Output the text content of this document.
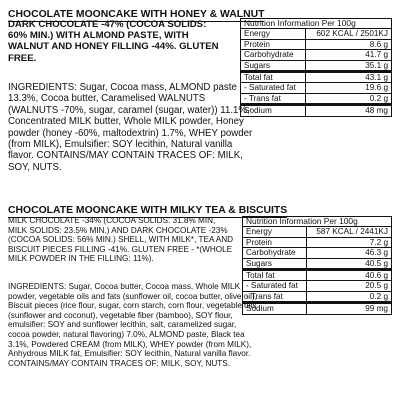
CHOCOLATE MOONCAKE WITH HONEY & WALNUT
DARK CHOCOLATE -47% (COCOA SOLIDS: 60% MIN.) WITH ALMOND PASTE, WITH WALNUT AND HONEY FILLING -44%. GLUTEN FREE.
Nutrition Information Per 100g	
Energy	602 KCAL / 2501KJ
Protein	8.6 g
Carbohydrate	41.7 g
Sugars	35.1 g
Total fat	43.1 g
- Saturated fat	19.6 g
- Trans fat	0.2 g
Sodium	48 mg
INGREDIENTS: Sugar, Cocoa mass, ALMOND paste 13.3%, Cocoa butter, Caramelised WALNUTS (WALNUTS -70%, sugar, caramel (sugar, water)) 11.1%, Concentrated MILK butter, Whole MILK powder, Honey powder (honey -60%, maltodextrin) 1.7%, WHEY powder (from MILK), Emulsifier: SOY lecithin, Natural vanilla flavor. CONTAINS/MAY CONTAIN TRACES OF: MILK, SOY, NUTS.
CHOCOLATE MOONCAKE WITH MILKY TEA & BISCUITS
MILK CHOCOLATE -34% (COCOA SOLIDS: 31.8% MIN, MILK SOLIDS: 23.5% MIN.) AND DARK CHOCOLATE -23% (COCOA SOLIDS: 56% MIN.) SHELL, WITH MILK*, TEA AND BISCUIT PIECES FILLING -41%. GLUTEN FREE - *(WHOLE MILK POWDER IN THE FILLING: 11%).
Nutrition Information Per 100g	
Energy	587 KCAL / 2441KJ
Protein	7.2 g
Carbohydrate	46.3 g
Sugars	40.5 g
Total fat	40.6 g
- Saturated fat	20.5 g
- Trans fat	0.2 g
Sodium	99 mg
INGREDIENTS: Sugar, Cocoa butter, Cocoa mass, Whole MILK powder, vegetable oils and fats (sunflower oil, cocoa butter, olive oil), Biscuit pieces (rice flour, sugar, corn starch, corn flour, vegetable oils (sunflower and coconut), vegetable fiber (bamboo), SOY flour, emulsifier: SOY and sunflower lecithin, salt, caramelized sugar, cocoa powder, natural flavoring) 7.0%, ALMOND paste, Black tea 3.1%, Powdered CREAM (from MILK), WHEY powder (from MILK), Anhydrous MILK fat, Emulsifier: SOY lecithin, Natural vanilla flavor. CONTAINS/MAY CONTAIN TRACES OF: MILK, SOY, NUTS.
